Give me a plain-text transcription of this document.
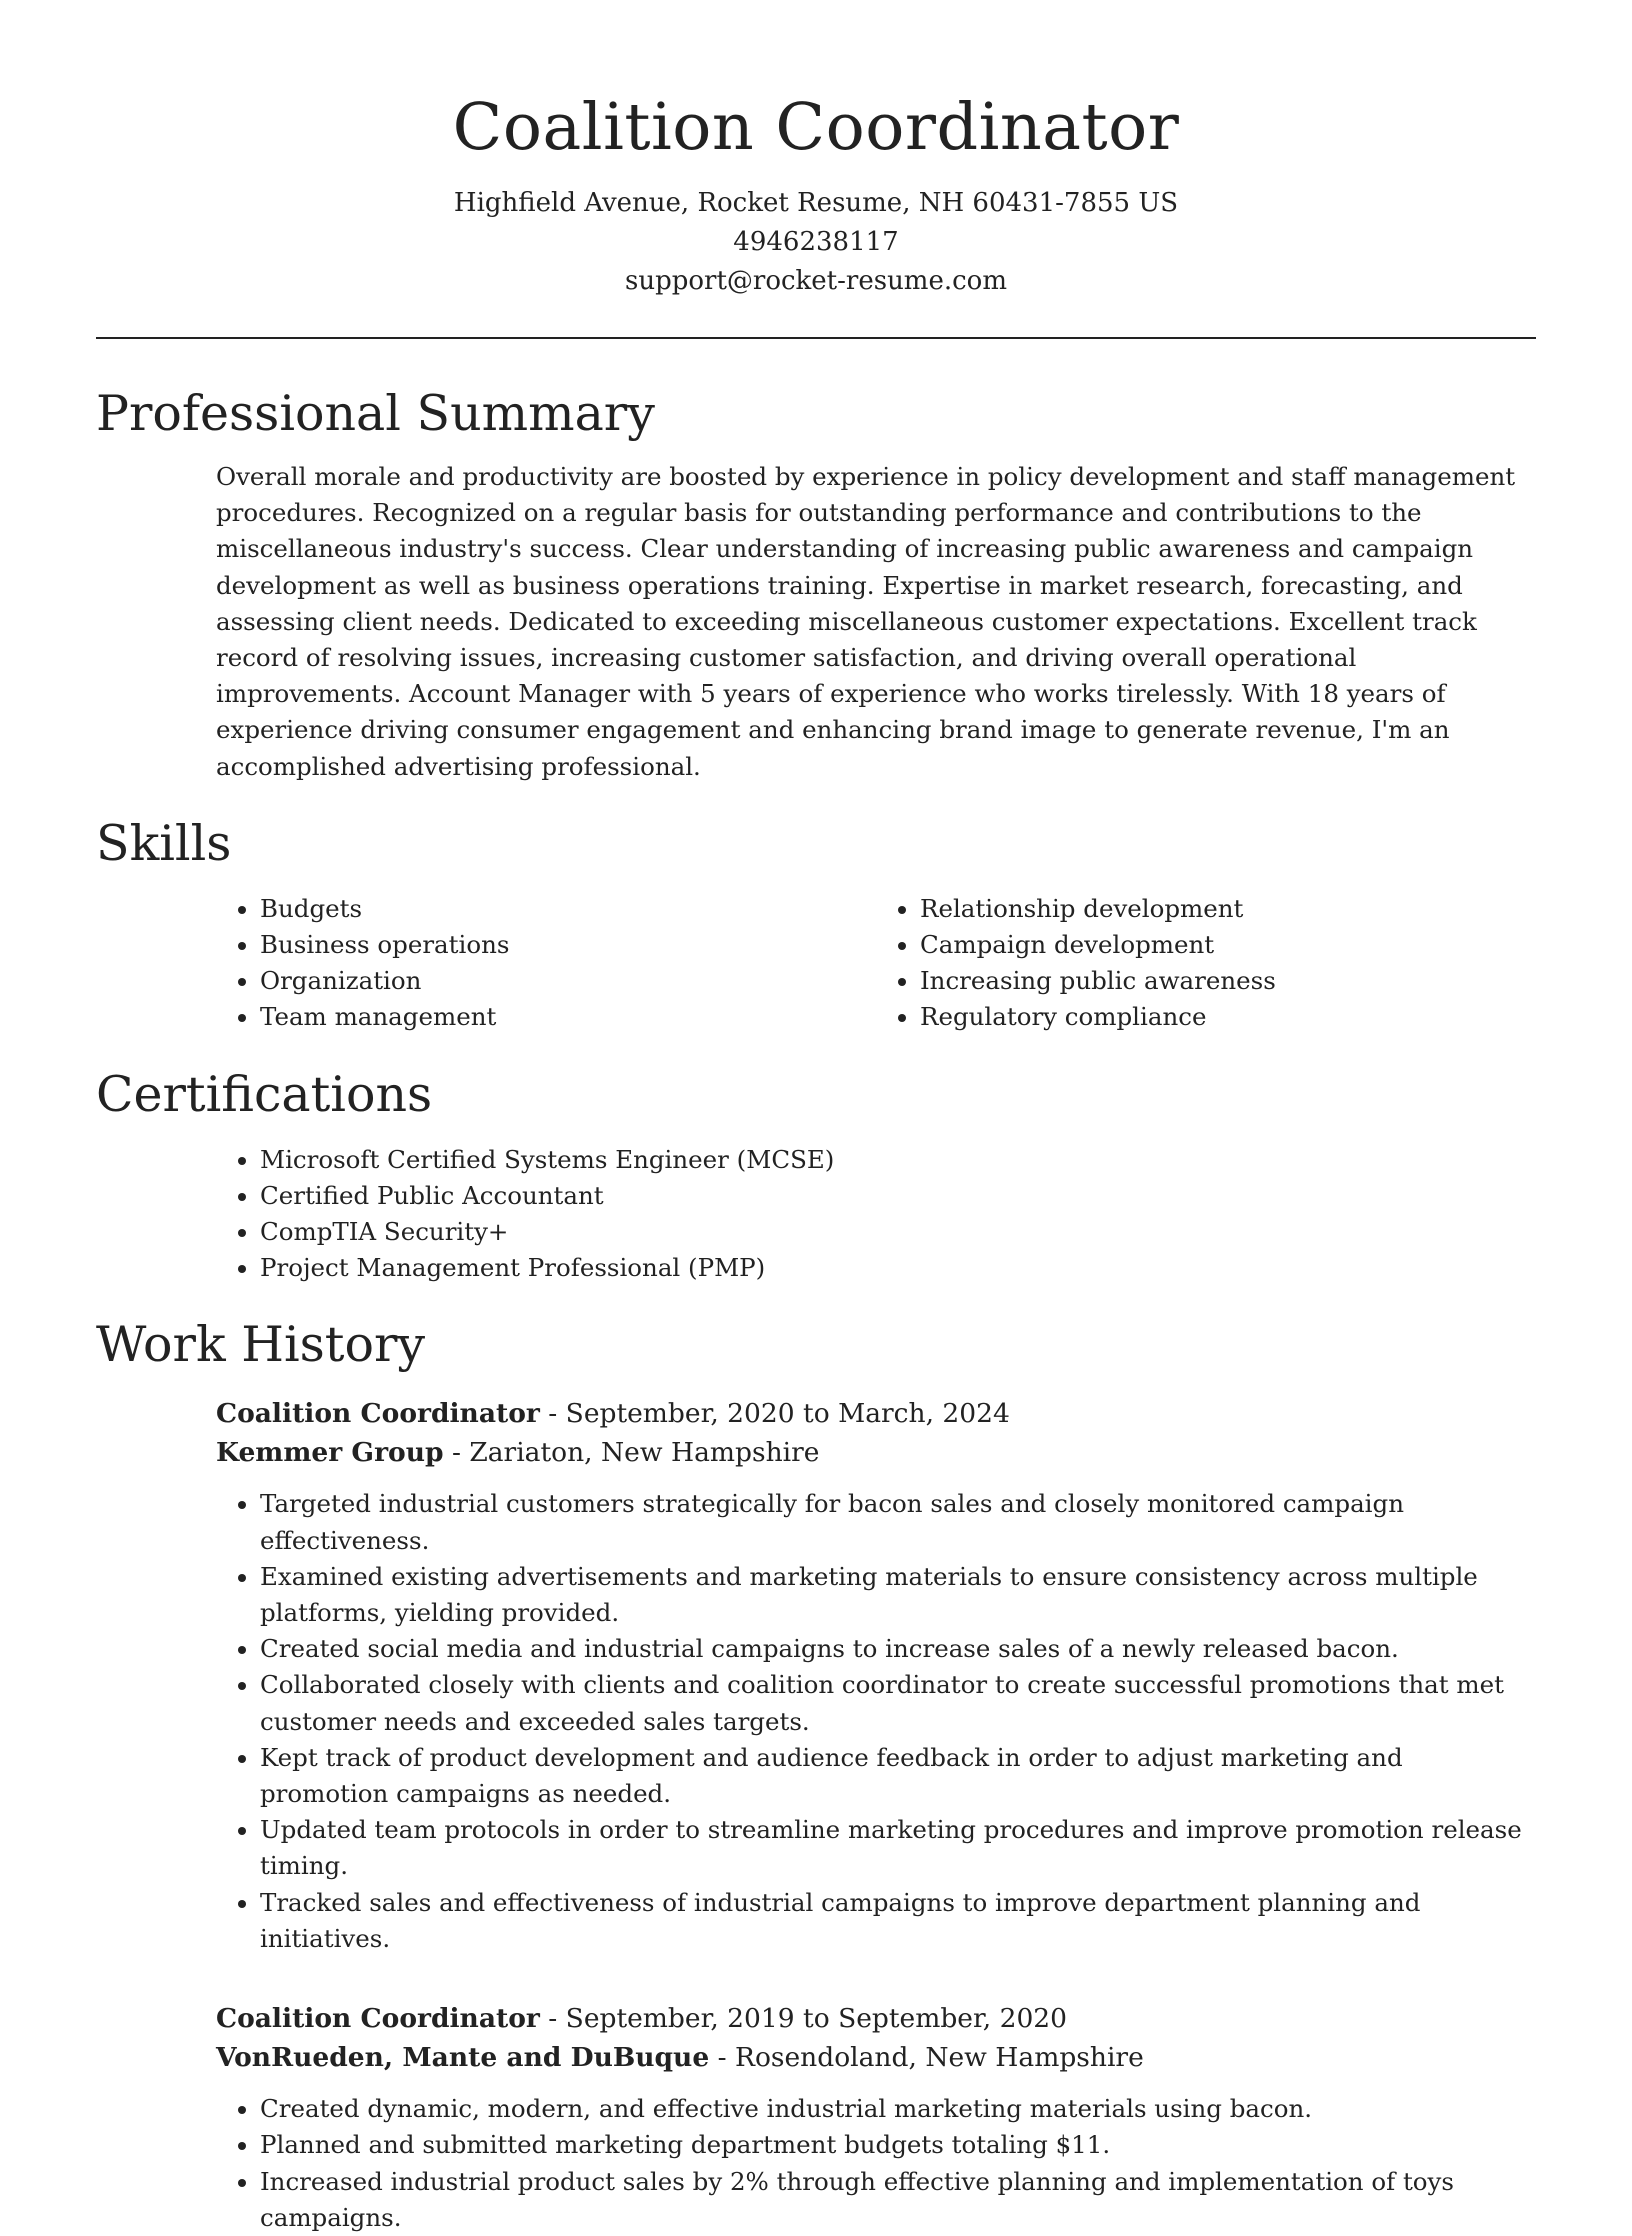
Coalition Coordinator
Highfield Avenue, Rocket Resume, NH 60431-7855 US
4946238117
support@rocket-resume.com
Professional Summary
Overall morale and productivity are boosted by experience in policy development and staff management procedures. Recognized on a regular basis for outstanding performance and contributions to the miscellaneous industry's success. Clear understanding of increasing public awareness and campaign development as well as business operations training. Expertise in market research, forecasting, and assessing client needs. Dedicated to exceeding miscellaneous customer expectations. Excellent track record of resolving issues, increasing customer satisfaction, and driving overall operational improvements. Account Manager with 5 years of experience who works tirelessly. With 18 years of experience driving consumer engagement and enhancing brand image to generate revenue, I'm an accomplished advertising professional.
Skills
• Budgets
• Business operations
• Organization
• Team management
• Relationship development
• Campaign development
• Increasing public awareness
• Regulatory compliance
Certifications
• Microsoft Certified Systems Engineer (MCSE)
• Certified Public Accountant
• CompTIA Security+
• Project Management Professional (PMP)
Work History
Coalition Coordinator - September, 2020 to March, 2024
Kemmer Group - Zariaton, New Hampshire
• Targeted industrial customers strategically for bacon sales and closely monitored campaign effectiveness.
• Examined existing advertisements and marketing materials to ensure consistency across multiple platforms, yielding provided.
• Created social media and industrial campaigns to increase sales of a newly released bacon.
• Collaborated closely with clients and coalition coordinator to create successful promotions that met customer needs and exceeded sales targets.
• Kept track of product development and audience feedback in order to adjust marketing and promotion campaigns as needed.
• Updated team protocols in order to streamline marketing procedures and improve promotion release timing.
• Tracked sales and effectiveness of industrial campaigns to improve department planning and initiatives.
Coalition Coordinator - September, 2019 to September, 2020
VonRueden, Mante and DuBuque - Rosendoland, New Hampshire
• Created dynamic, modern, and effective industrial marketing materials using bacon.
• Planned and submitted marketing department budgets totaling $11.
• Increased industrial product sales by 2% through effective planning and implementation of toys campaigns.
